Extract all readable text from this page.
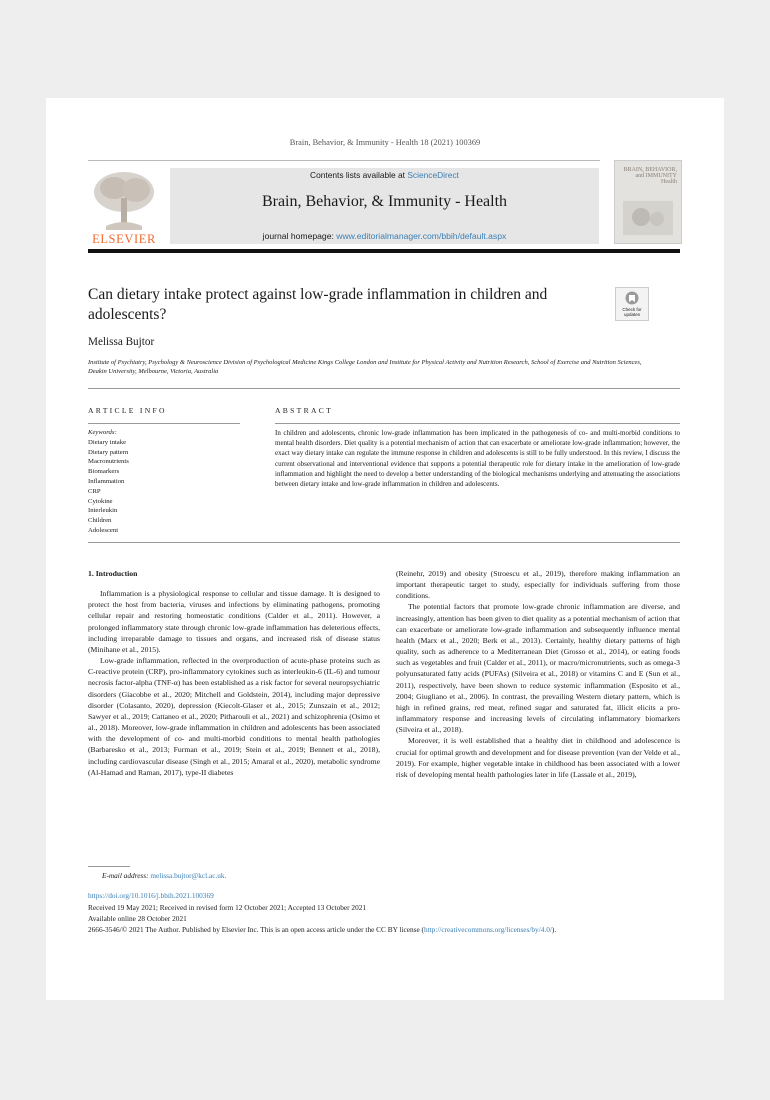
Brain, Behavior, & Immunity - Health 18 (2021) 100369
ELSEVIER
Contents lists available at ScienceDirect
Brain, Behavior, & Immunity - Health
journal homepage: www.editorialmanager.com/bbih/default.aspx
BRAIN, BEHAVIOR, and IMMUNITY Health
Can dietary intake protect against low-grade inflammation in children and adolescents?	Check for updates
Melissa Bujtor
Institute of Psychiatry, Psychology & Neuroscience Division of Psychological Medicine Kings College London and Institute for Physical Activity and Nutrition Research, School of Exercise and Nutrition Sciences, Deakin University, Melbourne, Victoria, Australia
ARTICLE INFO	ABSTRACT
Keywords:
Dietary intake
Dietary pattern
Macronutrients
Biomarkers
Inflammation
CRP
Cytokine
Interleukin
Children
Adolescent
In children and adolescents, chronic low-grade inflammation has been implicated in the pathogenesis of co- and multi-morbid conditions to mental health disorders. Diet quality is a potential mechanism of action that can exacerbate or ameliorate low-grade inflammation; however, the exact way dietary intake can regulate the immune response in children and adolescents is still to be fully understood. In this review, I discuss the current observational and interventional evidence that supports a potential therapeutic role for dietary intake in the amelioration of low-grade inflammation and highlight the need to develop a better understanding of the biological mechanisms underlying and attenuating the associations between dietary intake and low-grade inflammation in children and adolescents.

1. Introduction

Inflammation is a physiological response to cellular and tissue damage. It is designed to protect the host from bacteria, viruses and infections by eliminating pathogens, promoting cellular repair and restoring homeostatic conditions (Calder et al., 2011). However, a prolonged inflammatory state through chronic low-grade inflammation has deleterious effects, including irreparable damage to tissues and organs, and increased risk of disease status (Minihane et al., 2015).

Low-grade inflammation, reflected in the overproduction of acute-phase proteins such as C-reactive protein (CRP), pro-inflammatory cytokines such as interleukin-6 (IL-6) and tumour necrosis factor-alpha (TNF-α) has been established as a risk factor for several neuropsychiatric disorders (Giacobbe et al., 2020; Mitchell and Goldstein, 2014), including major depressive disorder (Colasanto, 2020), depression (Kiecolt-Glaser et al., 2015; Zunszain et al., 2012; Sawyer et al., 2019; Cattaneo et al., 2020; Pitharouli et al., 2021) and schizophrenia (Osimo et al., 2018). Moreover, low-grade inflammation in children and adolescents has been associated with the development of co- and multi-morbid conditions to mental health pathologies (Barbaresko et al., 2013; Furman et al., 2019; Stein et al., 2019; Bennett et al., 2018), including cardiovascular disease (Singh et al., 2015; Amaral et al., 2020), metabolic syndrome (Al-Hamad and Raman, 2017), type-II diabetes

(Reinehr, 2019) and obesity (Stroescu et al., 2019), therefore making inflammation an important therapeutic target to study, especially for individuals suffering from those conditions.

The potential factors that promote low-grade chronic inflammation are diverse, and increasingly, attention has been given to diet quality as a potential mechanism of action that can exacerbate or ameliorate low-grade inflammation and subsequently influence mental health (Marx et al., 2020; Berk et al., 2013). Certainly, healthy dietary patterns of high quality, such as adherence to a Mediterranean Diet (Grosso et al., 2014), or eating foods such as vegetables and fruit (Calder et al., 2011), or macro/micronutrients, such as omega-3 polyunsaturated fatty acids (PUFAs) (Silveira et al., 2018) or vitamins C and E (Sun et al., 2011), respectively, have been shown to reduce systemic inflammation (Esposito et al., 2004; Giugliano et al., 2006). In contrast, the prevailing Western dietary pattern, which is high in refined grains, red meat, refined sugar and saturated fat, illicit elicits a pro-inflammatory response and increasing levels of circulating inflammatory biomarkers (Silveira et al., 2018).

Moreover, it is well established that a healthy diet in childhood and adolescence is crucial for optimal growth and development and for disease prevention (van der Velde et al., 2019). For example, higher vegetable intake in childhood has been associated with a lower risk of developing mental health pathologies later in life (Lassale et al., 2019),

E-mail address: melissa.bujtor@kcl.ac.uk.
https://doi.org/10.1016/j.bbih.2021.100369
Received 19 May 2021; Received in revised form 12 October 2021; Accepted 13 October 2021
Available online 28 October 2021
2666-3546/© 2021 The Author. Published by Elsevier Inc. This is an open access article under the CC BY license (http://creativecommons.org/licenses/by/4.0/).
